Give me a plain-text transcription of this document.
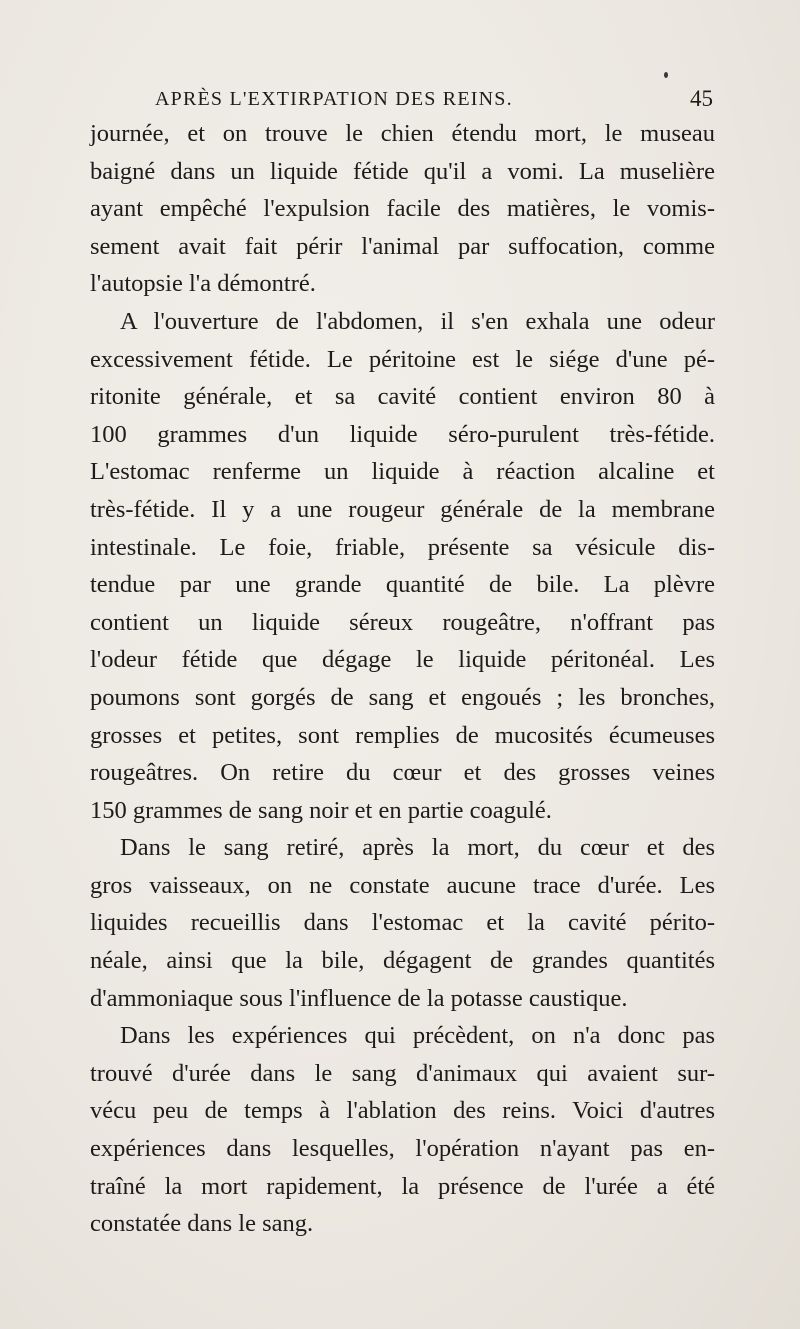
APRÈS L'EXTIRPATION DES REINS.	45
journée, et on trouve le chien étendu mort, le museau
baigné dans un liquide fétide qu'il a vomi. La muselière
ayant empêché l'expulsion facile des matières, le vomis-
sement avait fait périr l'animal par suffocation, comme
l'autopsie l'a démontré.
A l'ouverture de l'abdomen, il s'en exhala une odeur
excessivement fétide. Le péritoine est le siége d'une pé-
ritonite générale, et sa cavité contient environ 80 à
100 grammes d'un liquide séro-purulent très-fétide.
L'estomac renferme un liquide à réaction alcaline et
très-fétide. Il y a une rougeur générale de la membrane
intestinale. Le foie, friable, présente sa vésicule dis-
tendue par une grande quantité de bile. La plèvre
contient un liquide séreux rougeâtre, n'offrant pas
l'odeur fétide que dégage le liquide péritonéal. Les
poumons sont gorgés de sang et engoués ; les bronches,
grosses et petites, sont remplies de mucosités écumeuses
rougeâtres. On retire du cœur et des grosses veines
150 grammes de sang noir et en partie coagulé.
Dans le sang retiré, après la mort, du cœur et des
gros vaisseaux, on ne constate aucune trace d'urée. Les
liquides recueillis dans l'estomac et la cavité périto-
néale, ainsi que la bile, dégagent de grandes quantités
d'ammoniaque sous l'influence de la potasse caustique.
Dans les expériences qui précèdent, on n'a donc pas
trouvé d'urée dans le sang d'animaux qui avaient sur-
vécu peu de temps à l'ablation des reins. Voici d'autres
expériences dans lesquelles, l'opération n'ayant pas en-
traîné la mort rapidement, la présence de l'urée a été
constatée dans le sang.
